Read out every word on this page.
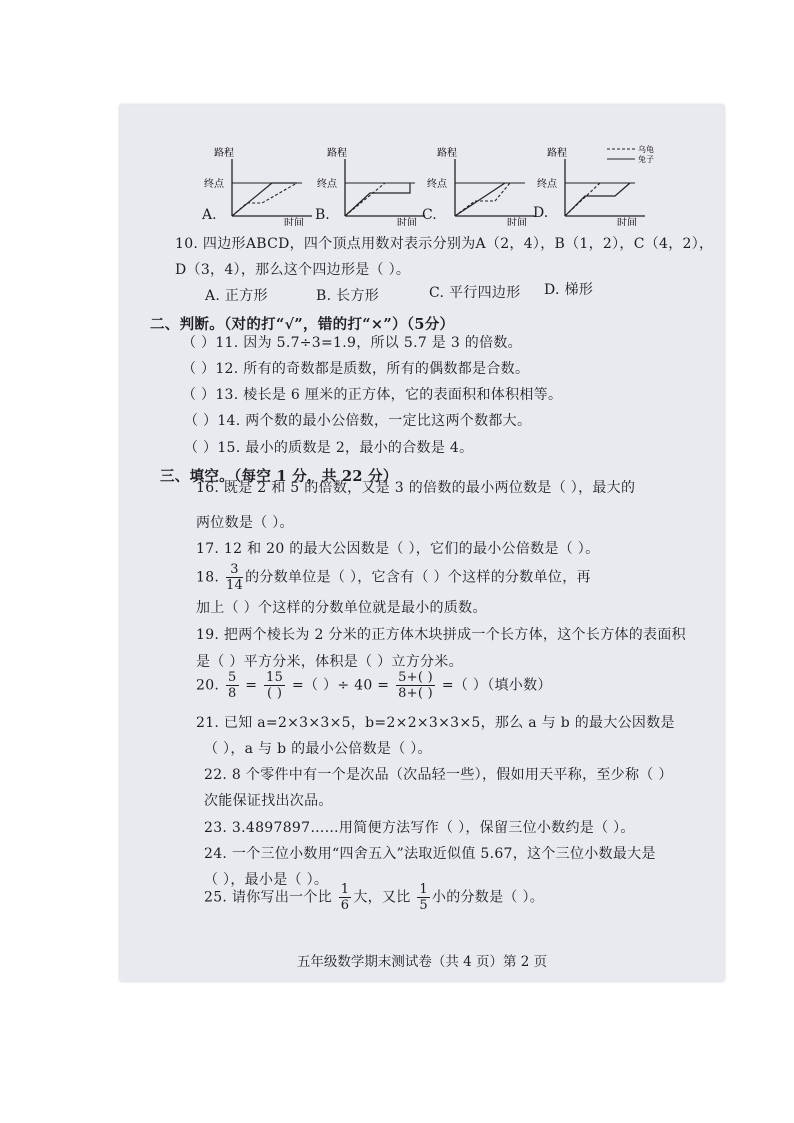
路程
终点
时间
路程
终点
时间
路程
终点
时间
路程
终点
时间
乌龟
兔子
A.	B.	C.	D.
10. 四边形ABCD，四个顶点用数对表示分别为A（2，4），B（1，2），C（4，2），
D（3，4），那么这个四边形是（ ）。
A. 正方形	B. 长方形	C. 平行四边形 D. 梯形
二、判断。（对的打“√”，错的打“×”）（5分）
（ ）11. 因为 5.7÷3=1.9，所以 5.7 是 3 的倍数。
（ ）12. 所有的奇数都是质数，所有的偶数都是合数。
（ ）13. 棱长是 6 厘米的正方体，它的表面积和体积相等。
（ ）14. 两个数的最小公倍数，一定比这两个数都大。
（ ）15. 最小的质数是 2，最小的合数是 4。
三、填空。（每空 1 分，共 22 分）
16. 既是 2 和 5 的倍数，又是 3 的倍数的最小两位数是（ ），最大的
两位数是（ ）。
17. 12 和 20 的最大公因数是（ ），它们的最小公倍数是（ ）。
18. $\frac{3}{14}$ 的分数单位是（ ），它含有（ ）个这样的分数单位，再
加上（ ）个这样的分数单位就是最小的质数。
19. 把两个棱长为 2 分米的正方体木块拼成一个长方体，这个长方体的表面积
是（ ）平方分米，体积是（ ）立方分米。
20. $\frac{5}{8} = \frac{15}{( )}$ =（ ）÷ $40 = \frac{5+( )}{8+( )}$ =（ ）（填小数）
21. 已知 a=2×3×3×5，b=2×2×3×3×5，那么 a 与 b 的最大公因数是
（ ），a 与 b 的最小公倍数是（ ）。
22. 8 个零件中有一个是次品（次品轻一些），假如用天平称，至少称（ ）
次能保证找出次品。
23. 3.4897897……用简便方法写作（ ），保留三位小数约是（ ）。
24. 一个三位小数用“四舍五入”法取近似值 5.67，这个三位小数最大是
（ ），最小是（ ）。
25. 请你写出一个比 $\frac{1}{6}$ 大，又比 $\frac{1}{5}$ 小的分数是（ ）。
五年级数学期末测试卷（共 4 页）第 2 页
